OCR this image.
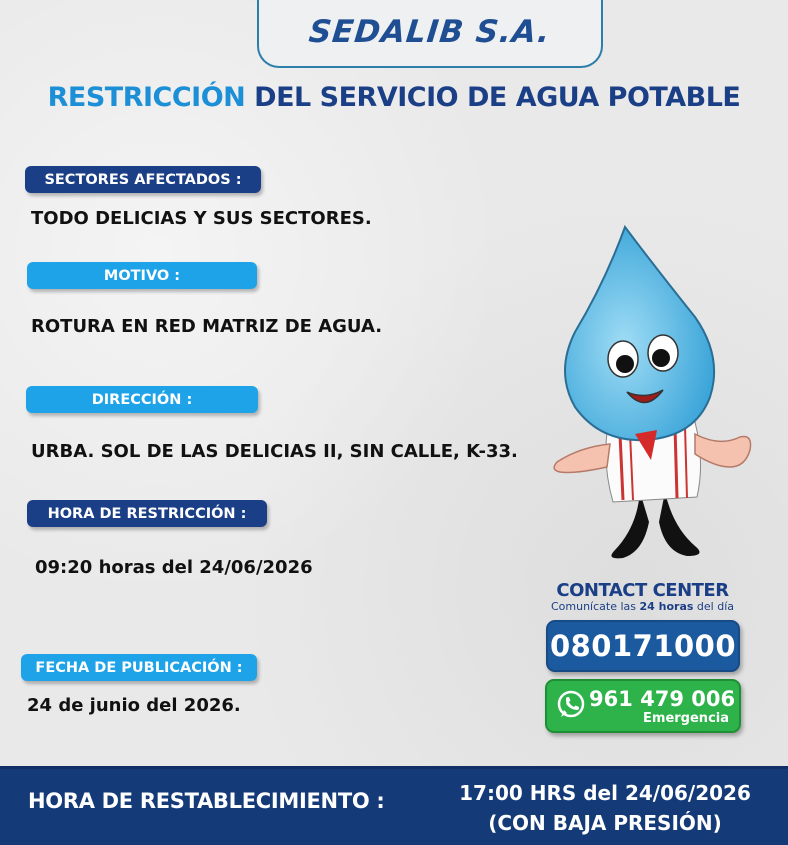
SEDALIB S.A.
RESTRICCIÓN DEL SERVICIO DE AGUA POTABLE
SECTORES AFECTADOS :
TODO DELICIAS Y SUS SECTORES.
MOTIVO :
ROTURA EN RED MATRIZ DE AGUA.
DIRECCIÓN :
URBA. SOL DE LAS DELICIAS II, SIN CALLE, K-33.
HORA DE RESTRICCIÓN :
09:20 horas del 24/06/2026
FECHA DE PUBLICACIÓN :
24 de junio del 2026.
CONTACT CENTER
Comunícate las 24 horas del día
080171000
961 479 006
Emergencia
HORA DE RESTABLECIMIENTO :	17:00 HRS del 24/06/2026
(CON BAJA PRESIÓN)
